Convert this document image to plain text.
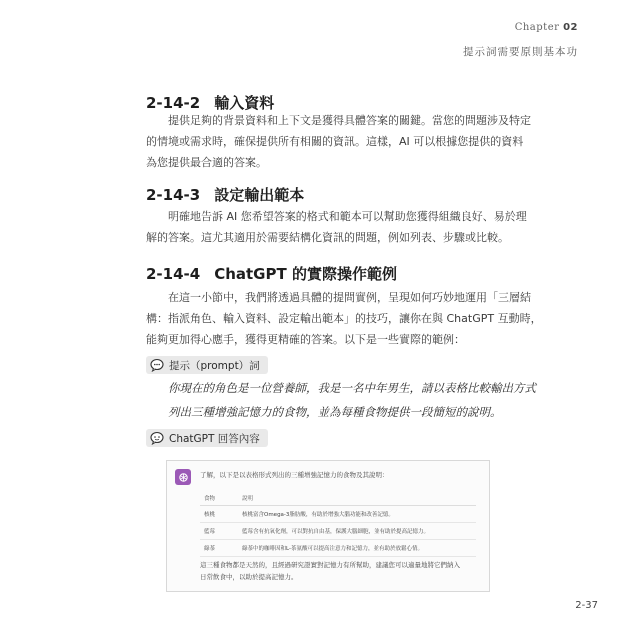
Chapter 02
提示詞需要原則基本功
2-14-2 輸入資料
提供足夠的背景資料和上下文是獲得具體答案的關鍵。當您的問題涉及特定
的情境或需求時，確保提供所有相關的資訊。這樣，AI 可以根據您提供的資料
為您提供最合適的答案。
2-14-3 設定輸出範本
明確地告訴 AI 您希望答案的格式和範本可以幫助您獲得組織良好、易於理
解的答案。這尤其適用於需要結構化資訊的問題，例如列表、步驟或比較。
2-14-4 ChatGPT 的實際操作範例
在這一小節中，我們將透過具體的提問實例，呈現如何巧妙地運用「三層結
構：指派角色、輸入資料、設定輸出範本」的技巧，讓你在與 ChatGPT 互動時，
能夠更加得心應手，獲得更精確的答案。以下是一些實際的範例：
提示（prompt）詞
你現在的角色是一位營養師，我是一名中年男生，請以表格比較輸出方式
列出三種增強記憶力的食物，並為每種食物提供一段簡短的說明。
ChatGPT 回答內容
了解，以下是以表格形式列出的三種增強記憶力的食物及其說明：
食物	說明
核桃	核桃富含Omega-3脂肪酸，有助於增強大腦功能和改善記憶。
藍莓	藍莓含有抗氧化劑，可以對抗自由基，保護大腦細胞，並有助於提高記憶力。
綠茶	綠茶中的咖啡因和L-茶氨酸可以提高注意力和記憶力，並有助於放鬆心情。
這三種食物都是天然的，且經過研究證實對記憶力有所幫助，建議您可以適量地將它們納入
日常飲食中，以助於提高記憶力。
2-37
